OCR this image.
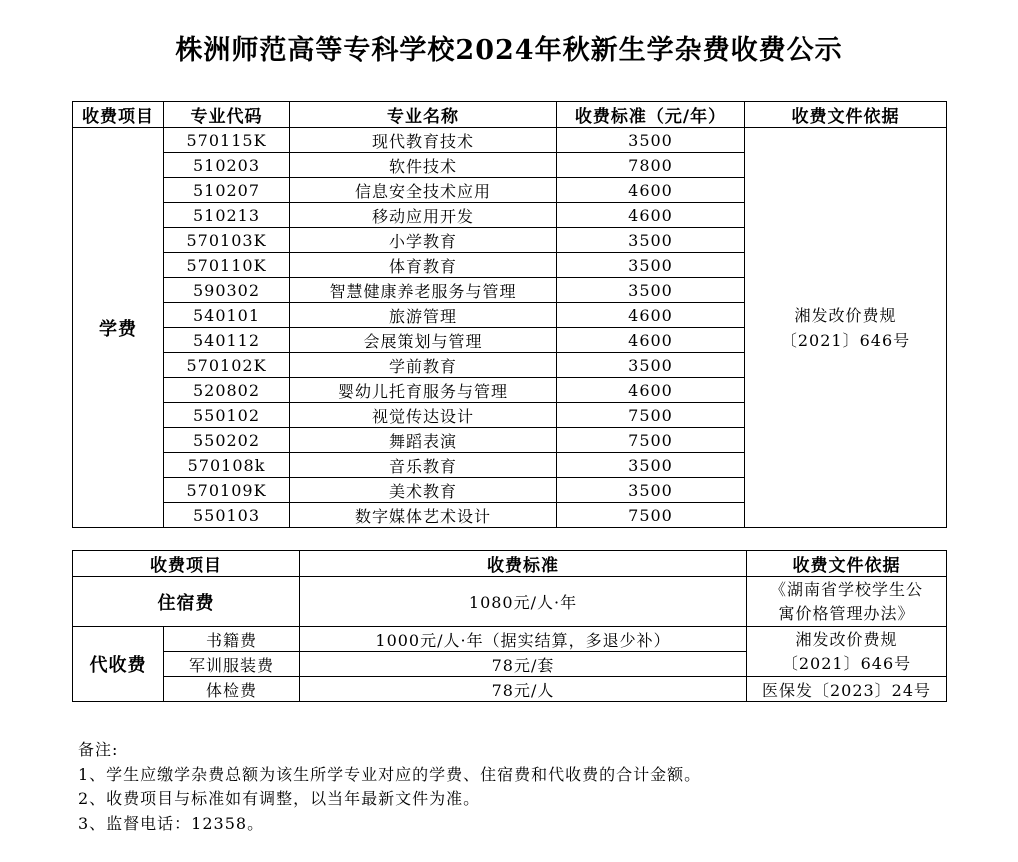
株洲师范高等专科学校2024年秋新生学杂费收费公示
收费项目	专业代码	专业名称	收费标准（元/年）	收费文件依据
学费	570115K	现代教育技术	3500	湘发改价费规
〔2021〕646号

	510203	软件技术	7800	
	510207	信息安全技术应用	4600	
	510213	移动应用开发	4600	
	570103K	小学教育	3500	
	570110K	体育教育	3500	
	590302	智慧健康养老服务与管理	3500	
	540101	旅游管理	4600	
	540112	会展策划与管理	4600	
	570102K	学前教育	3500	
	520802	婴幼儿托育服务与管理	4600	
	550102	视觉传达设计	7500	
	550202	舞蹈表演	7500	
	570108k	音乐教育	3500	
	570109K	美术教育	3500	
	550103	数字媒体艺术设计	7500	
收费项目		收费标准	收费文件依据
住宿费		1080元/人·年	《湖南省学校学生公
寓价格管理办法》

代收费	书籍费	1000元/人·年（据实结算，多退少补）	湘发改价费规
〔2021〕646号

	军训服装费	78元/套	
	体检费	78元/人	医保发〔2023〕24号
备注:
1、学生应缴学杂费总额为该生所学专业对应的学费、住宿费和代收费的合计金额。
2、收费项目与标准如有调整，以当年最新文件为准。
3、监督电话：12358。
